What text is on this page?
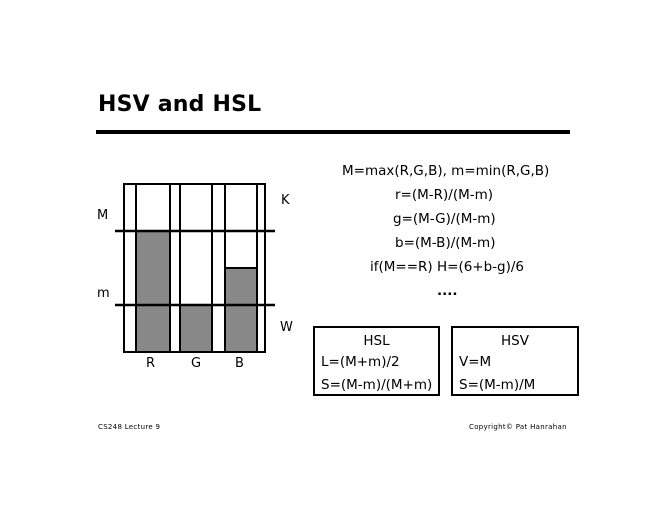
HSV and HSL
M
m
K
W
R	G	B
M=max(R,G,B), m=min(R,G,B)
r=(M-R)/(M-m)
g=(M-G)/(M-m)
b=(M-B)/(M-m)
if(M==R) H=(6+b-g)/6
....
HSL
L=(M+m)/2
S=(M-m)/(M+m)
HSV
V=M
S=(M-m)/M
CS248 Lecture 9	Copyright© Pat Hanrahan
